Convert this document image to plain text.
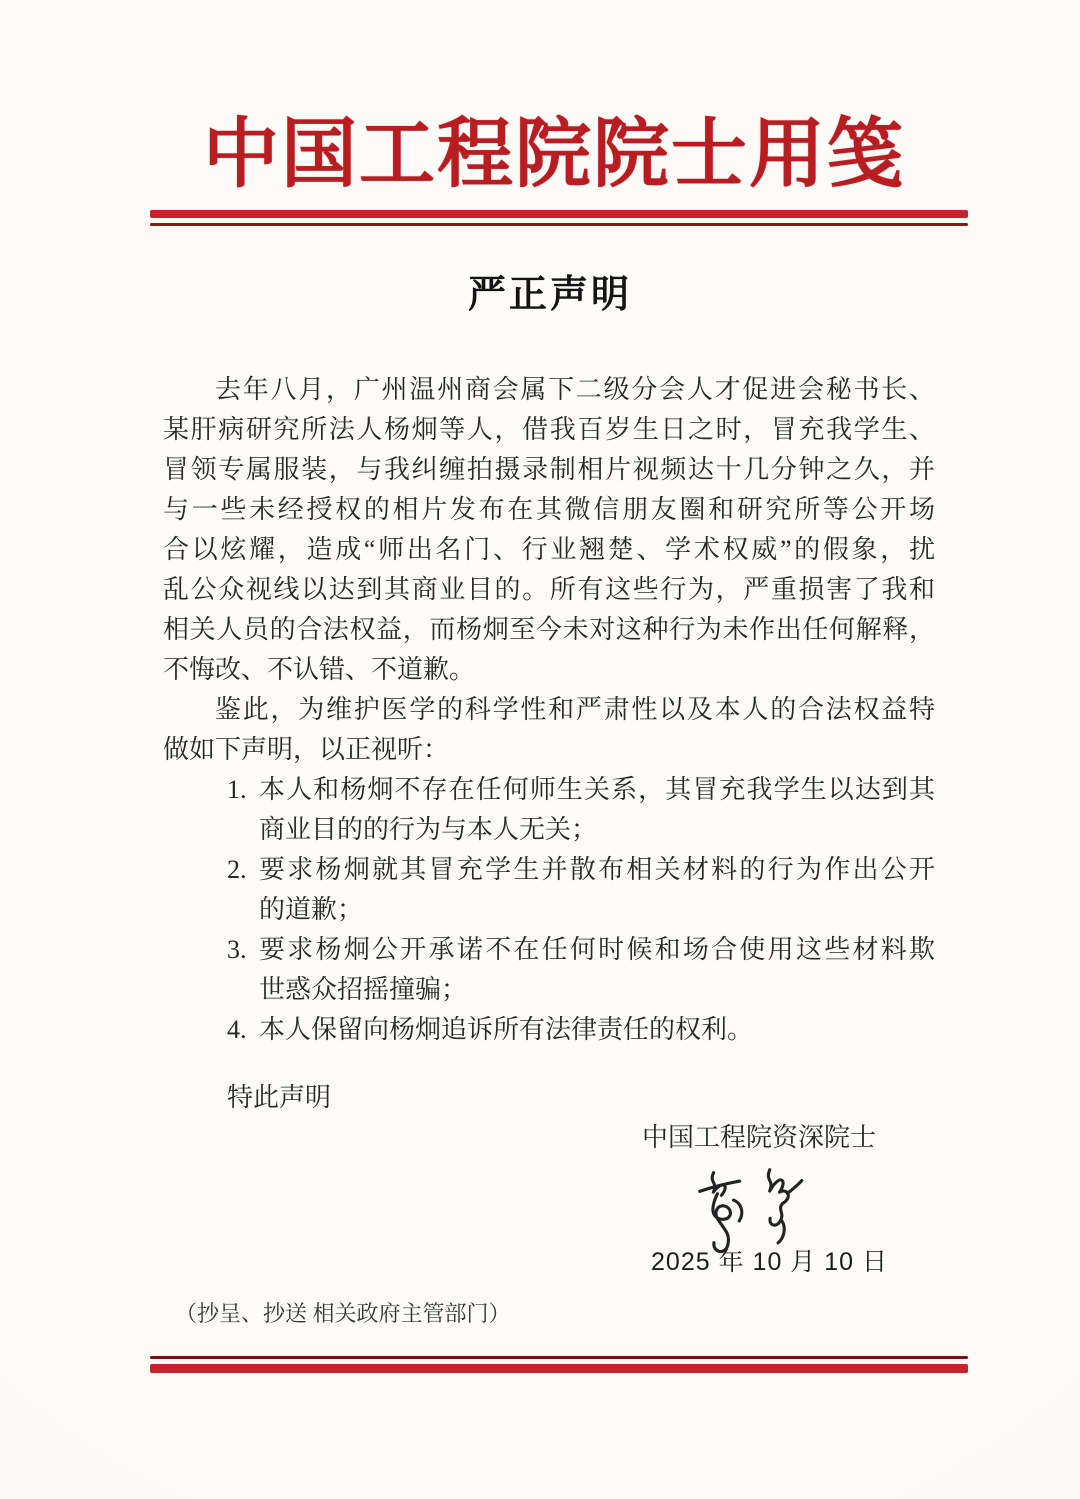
中国工程院院士用笺
严正声明
去年八月，广州温州商会属下二级分会人才促进会秘书长、
某肝病研究所法人杨炯等人，借我百岁生日之时，冒充我学生、
冒领专属服装，与我纠缠拍摄录制相片视频达十几分钟之久，并
与一些未经授权的相片发布在其微信朋友圈和研究所等公开场
合以炫耀，造成“师出名门、行业翘楚、学术权威”的假象，扰
乱公众视线以达到其商业目的。所有这些行为，严重损害了我和
相关人员的合法权益，而杨炯至今未对这种行为未作出任何解释，
不悔改、不认错、不道歉。
鉴此，为维护医学的科学性和严肃性以及本人的合法权益特
做如下声明，以正视听：
1. 本人和杨炯不存在任何师生关系，其冒充我学生以达到其
商业目的的行为与本人无关；
2. 要求杨炯就其冒充学生并散布相关材料的行为作出公开
的道歉；
3. 要求杨炯公开承诺不在任何时候和场合使用这些材料欺
世惑众招摇撞骗；
4. 本人保留向杨炯追诉所有法律责任的权利。
特此声明
中国工程院资深院士
2025 年 10 月 10 日
（抄呈、抄送 相关政府主管部门）
